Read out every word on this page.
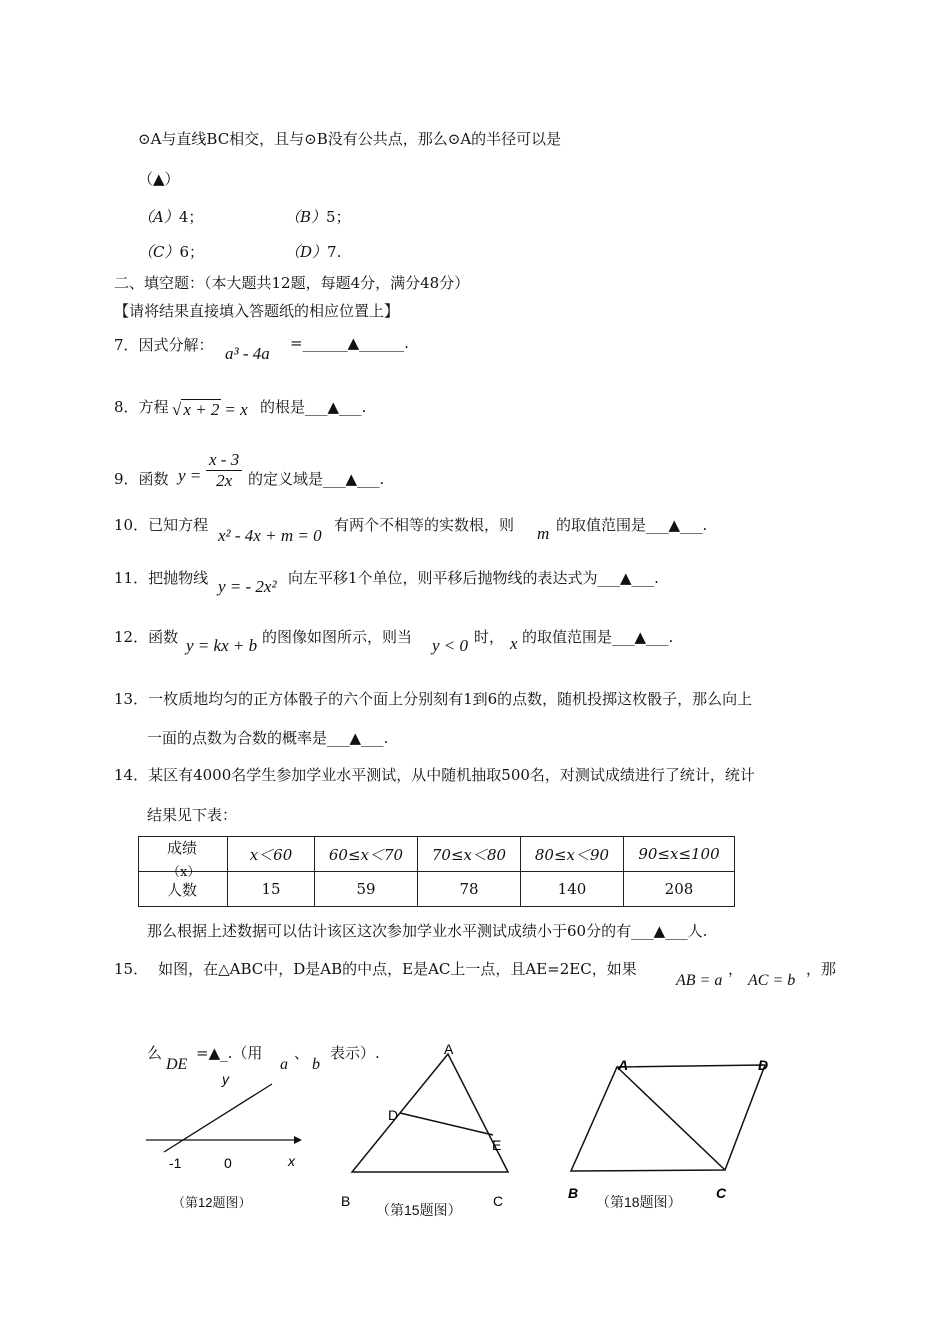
⊙A与直线BC相交，且与⊙B没有公共点，那么⊙A的半径可以是
（▲）
（A）4；	（B）5；
（C）6；	（D）7.
二、填空题：（本大题共12题，每题4分，满分48分）
【请将结果直接填入答题纸的相应位置上】
7．因式分解： a³ - 4a
=______▲______.
8．方程 √ x + 2 = x 的根是___▲___.
9．函数 $y = \frac{x - 3}{2x}$ 的定义域是___▲___.
10．已知方程
x² - 4x + m = 0
有两个不相等的实数根，则 m 的取值范围是___▲___.
11．把抛物线 y = - 2x² 向左平移1个单位，则平移后抛物线的表达式为___▲___.
12．函数 y = kx + b 的图像如图所示，则当 y < 0 时， x 的取值范围是___▲___.
13．一枚质地均匀的正方体骰子的六个面上分别刻有1到6的点数，随机投掷这枚骰子，那么向上
一面的点数为合数的概率是___▲___.
14．某区有4000名学生参加学业水平测试，从中随机抽取500名，对测试成绩进行了统计，统计
结果见下表：
成绩
（x）	x＜60	60≤x＜70	70≤x＜80	80≤x＜90	90≤x≤100
人数	15	59	78	140	208
那么根据上述数据可以估计该区这次参加学业水平测试成绩小于60分的有___▲___人.
15． 如图，在△ABC中，D是AB的中点，E是AC上一点，且AE=2EC，如果
AB = a
，
AC = b
，那
么
DE
=▲_.（用
a
、
b
表示）.
y
x
-1	0
（第12题图）
A
D
E
B	C
（第15题图）
A	D
B	C
（第18题图）
